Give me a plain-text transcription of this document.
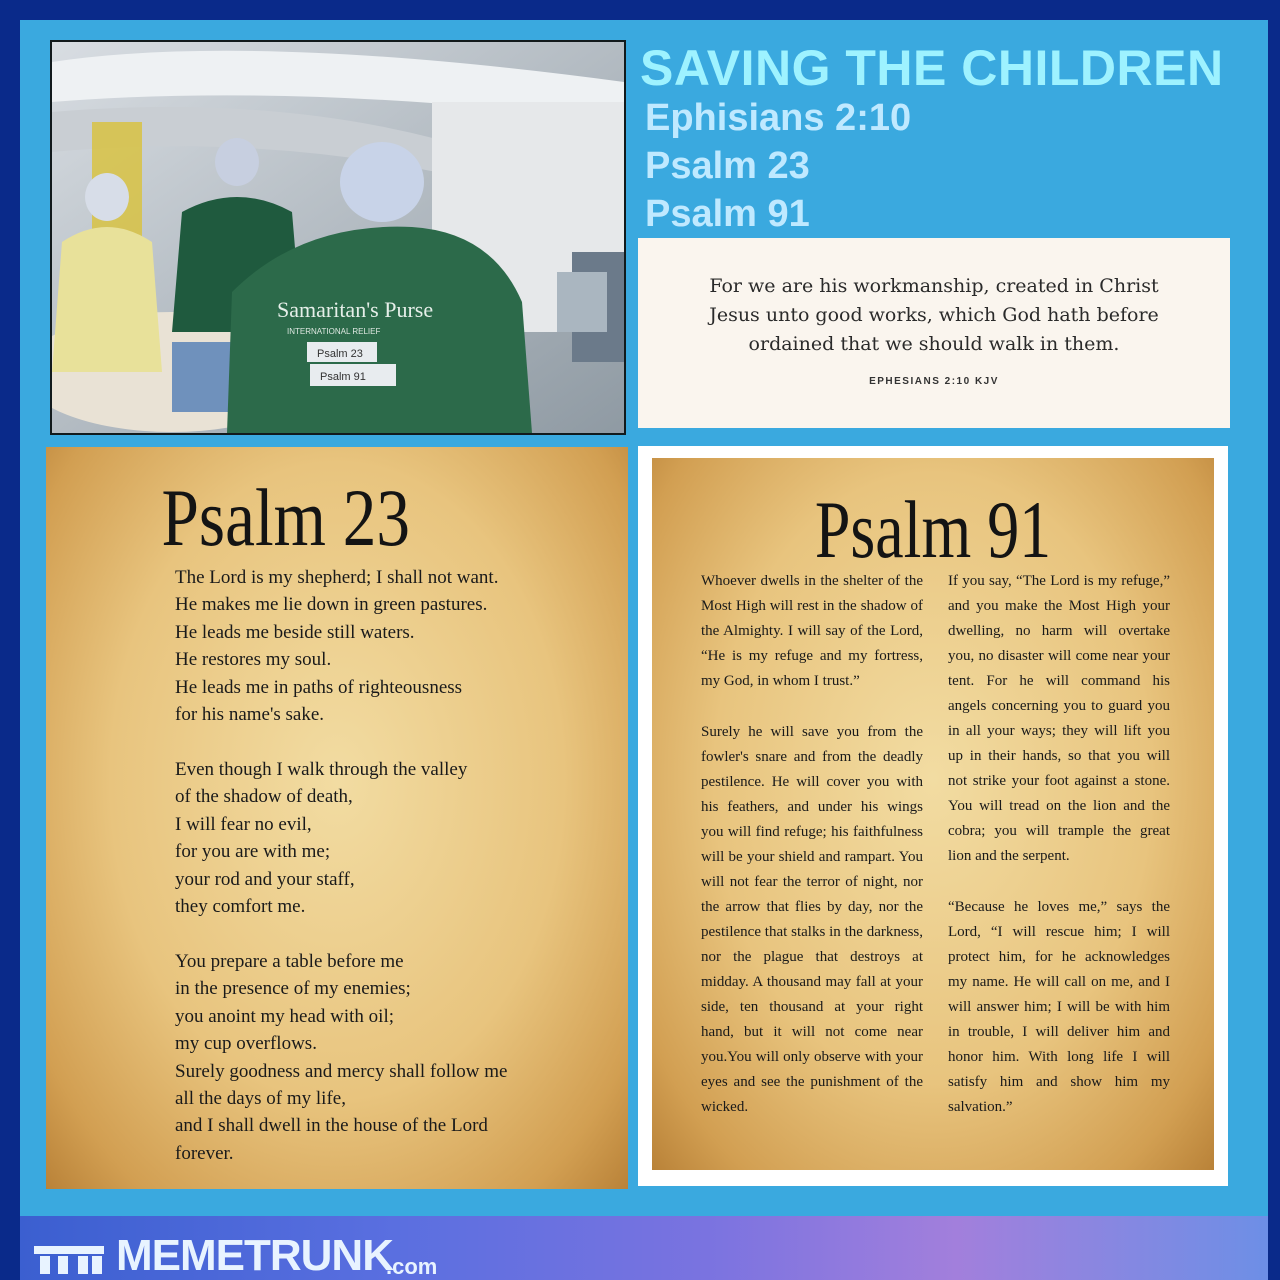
Samaritan's Purse
INTERNATIONAL RELIEF
Psalm 23
Psalm 91
SAVING THE CHILDREN

Ephisians 2:10

Psalm 23

Psalm 91

For we are his workmanship, created in Christ
Jesus unto good works, which God hath before
ordained that we should walk in them.
EPHESIANS 2:10 KJV
Psalm 23
The Lord is my shepherd; I shall not want.
He makes me lie down in green pastures.
He leads me beside still waters.
He restores my soul.
He leads me in paths of righteousness
for his name's sake.
Even though I walk through the valley
of the shadow of death,
I will fear no evil,
for you are with me;
your rod and your staff,
they comfort me.
You prepare a table before me
in the presence of my enemies;
you anoint my head with oil;
my cup overflows.
Surely goodness and mercy shall follow me
all the days of my life,
and I shall dwell in the house of the Lord
forever.
Psalm 91

Whoever dwells in the shelter of the Most High will rest in the shadow of the Almighty. I will say of the Lord, “He is my refuge and my fortress, my God, in whom I trust.”

Surely he will save you from the fowler's snare and from the deadly pestilence. He will cover you with his feathers, and under his wings you will find refuge; his faithfulness will be your shield and rampart. You will not fear the terror of night, nor the arrow that flies by day, nor the pestilence that stalks in the darkness, nor the plague that destroys at midday. A thousand may fall at your side, ten thousand at your right hand, but it will not come near you.You will only observe with your eyes and see the punishment of the wicked.

If you say, “The Lord is my refuge,” and you make the Most High your dwelling, no harm will overtake you, no disaster will come near your tent. For he will command his angels concerning you to guard you in all your ways; they will lift you up in their hands, so that you will not strike your foot against a stone. You will tread on the lion and the cobra; you will trample the great lion and the serpent.

“Because he loves me,” says the Lord, “I will rescue him; I will protect him, for he acknowledges my name. He will call on me, and I will answer him; I will be with him in trouble, I will deliver him and honor him. With long life I will satisfy him and show him my salvation.”

MEMETRUNK

.com
